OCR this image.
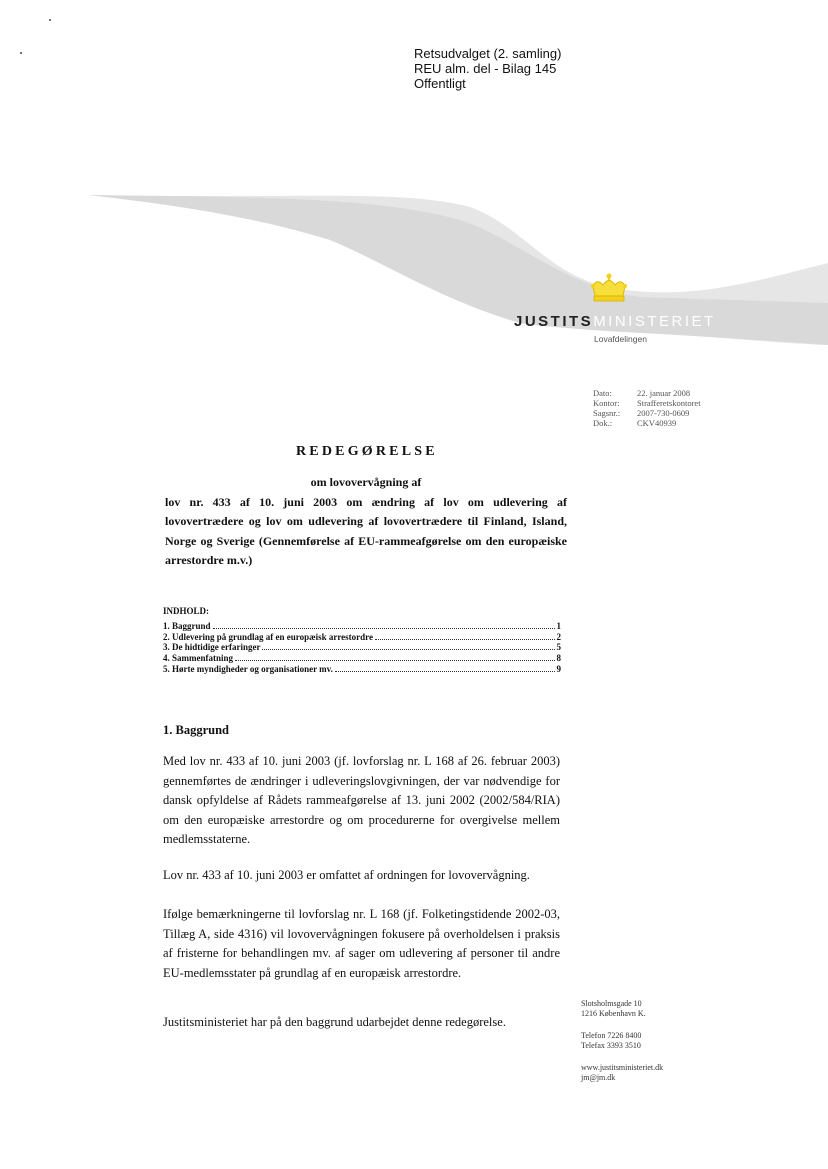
Retsudvalget (2. samling)
REU alm. del - Bilag 145
Offentligt
JUSTITSMINISTERIET
Lovafdelingen
Dato:	22. januar 2008
Kontor:	Strafferetskontoret
Sagsnr.:	2007-730-0609
Dok.:	CKV40939
REDEGØRELSE
om lovovervågning af
lov nr. 433 af 10. juni 2003 om ændring af lov om udlevering af lovovertrædere og lov om udlevering af lovovertrædere til Finland, Island, Norge og Sverige (Gennemførelse af EU-rammeafgørelse om den europæiske arrestordre m.v.)
INDHOLD:
1. Baggrund	1
2. Udlevering på grundlag af en europæisk arrestordre	2
3. De hidtidige erfaringer	5
4. Sammenfatning	8
5. Hørte myndigheder og organisationer mv.	9
1. Baggrund
Med lov nr. 433 af 10. juni 2003 (jf. lovforslag nr. L 168 af 26. februar 2003) gennemførtes de ændringer i udleveringslovgivningen, der var nødvendige for dansk opfyldelse af Rådets rammeafgørelse af 13. juni 2002 (2002/584/RIA) om den europæiske arrestordre og om procedurerne for overgivelse mellem medlemsstaterne.
Lov nr. 433 af 10. juni 2003 er omfattet af ordningen for lovovervågning.
Ifølge bemærkningerne til lovforslag nr. L 168 (jf. Folketingstidende 2002-03, Tillæg A, side 4316) vil lovovervågningen fokusere på overholdelsen i praksis af fristerne for behandlingen mv. af sager om udlevering af personer til andre EU-medlemsstater på grundlag af en europæisk arrestordre.
Justitsministeriet har på den baggrund udarbejdet denne redegørelse.
Slotsholmsgade 10
1216 København K.
Telefon 7226 8400
Telefax 3393 3510
www.justitsministeriet.dk
jm@jm.dk
